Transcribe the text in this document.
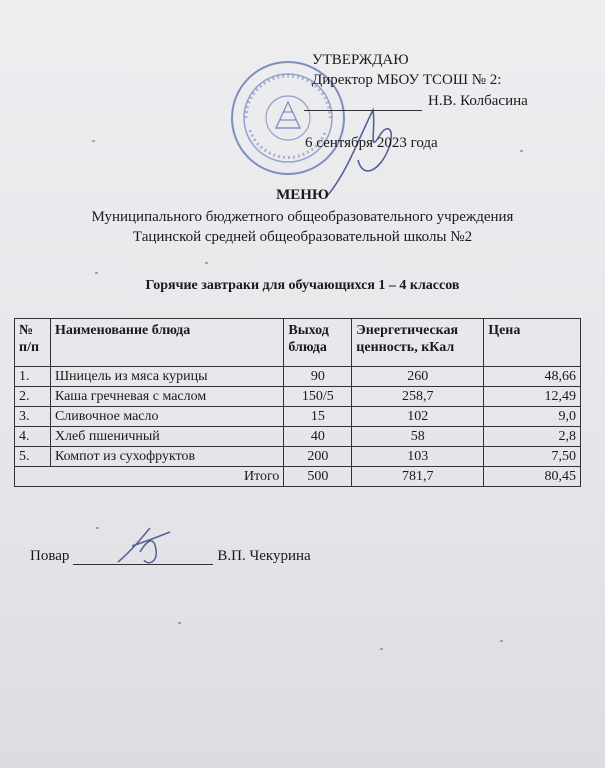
УТВЕРЖДАЮ
Директор МБОУ ТСОШ № 2:
Н.В. Колбасина
6 сентября 2023 года
МЕНЮ
Муниципального бюджетного общеобразовательного учреждения
Тацинской средней общеобразовательной школы №2
Горячие завтраки для обучающихся 1 – 4 классов
№ п/п	Наименование блюда	Выход блюда	Энергетическая ценность, кКал	Цена
1.	Шницель из мяса курицы	90	260	48,66
2.	Каша гречневая с маслом	150/5	258,7	12,49
3.	Сливочное масло	15	102	9,0
4.	Хлеб пшеничный	40	58	2,8
5.	Компот из сухофруктов	200	103	7,50
Итого		500	781,7	80,45
Повар	В.П. Чекурина
